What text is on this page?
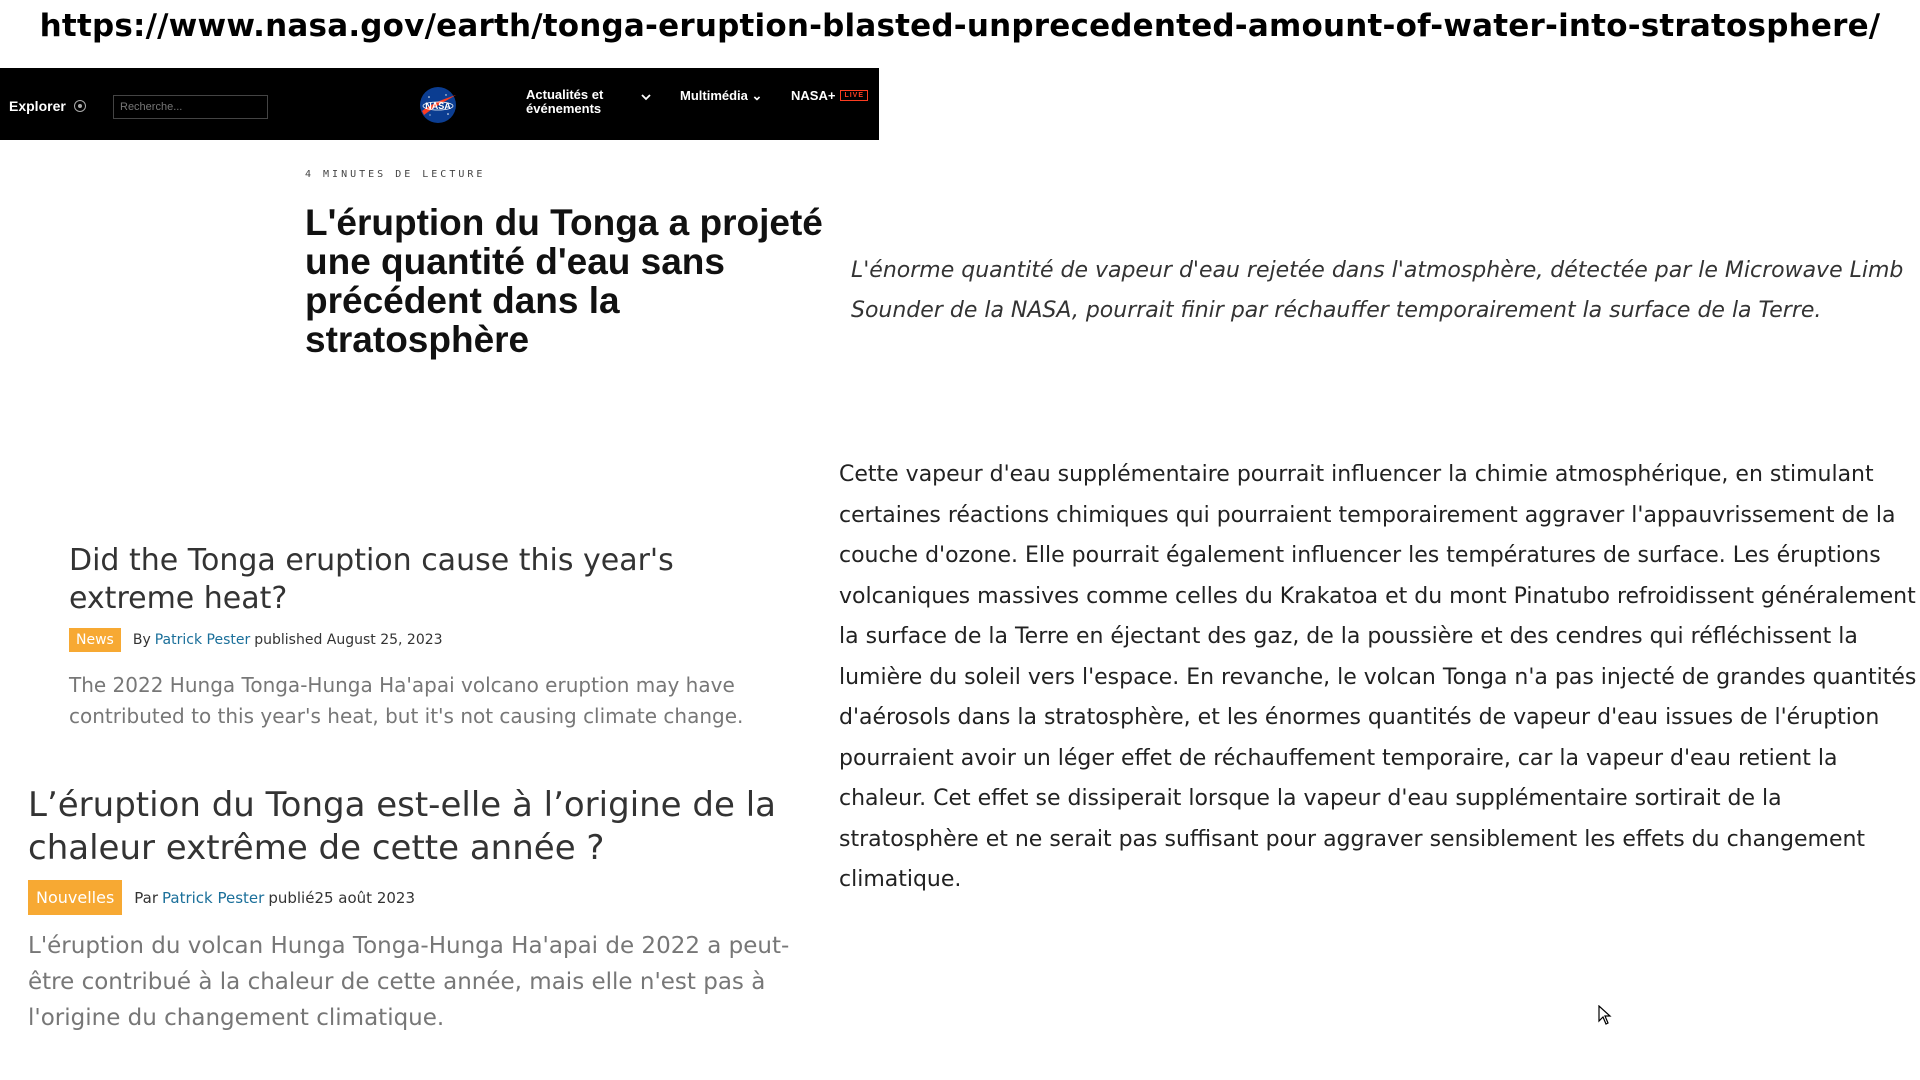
https://www.nasa.gov/earth/tonga-eruption-blasted-unprecedented-amount-of-water-into-stratosphere/
Explorer
Recherche...	NASA
Actualités et
événements
Multimédia ⌄ NASA+	LIVE
4 MINUTES DE LECTURE
L'éruption du Tonga a projeté une quantité d'eau sans précédent dans la stratosphère
L'énorme quantité de vapeur d'eau rejetée dans l'atmosphère, détectée par le Microwave Limb Sounder de la NASA, pourrait finir par réchauffer temporairement la surface de la Terre.
Cette vapeur d'eau supplémentaire pourrait influencer la chimie atmosphérique, en stimulant certaines réactions chimiques qui pourraient temporairement aggraver l'appauvrissement de la couche d'ozone. Elle pourrait également influencer les températures de surface. Les éruptions volcaniques massives comme celles du Krakatoa et du mont Pinatubo refroidissent généralement la surface de la Terre en éjectant des gaz, de la poussière et des cendres qui réfléchissent la lumière du soleil vers l'espace. En revanche, le volcan Tonga n'a pas injecté de grandes quantités d'aérosols dans la stratosphère, et les énormes quantités de vapeur d'eau issues de l'éruption pourraient avoir un léger effet de réchauffement temporaire, car la vapeur d'eau retient la chaleur. Cet effet se dissiperait lorsque la vapeur d'eau supplémentaire sortirait de la stratosphère et ne serait pas suffisant pour aggraver sensiblement les effets du changement climatique.
Did the Tonga eruption cause this year's extreme heat?
News	By Patrick Pester published August 25, 2023
The 2022 Hunga Tonga-Hunga Ha'apai volcano eruption may have contributed to this year's heat, but it's not causing climate change.
L’éruption du Tonga est-elle à l’origine de la chaleur extrême de cette année ?
Nouvelles	Par Patrick Pester publié25 août 2023
L'éruption du volcan Hunga Tonga-Hunga Ha'apai de 2022 a peut-être contribué à la chaleur de cette année, mais elle n'est pas à l'origine du changement climatique.
